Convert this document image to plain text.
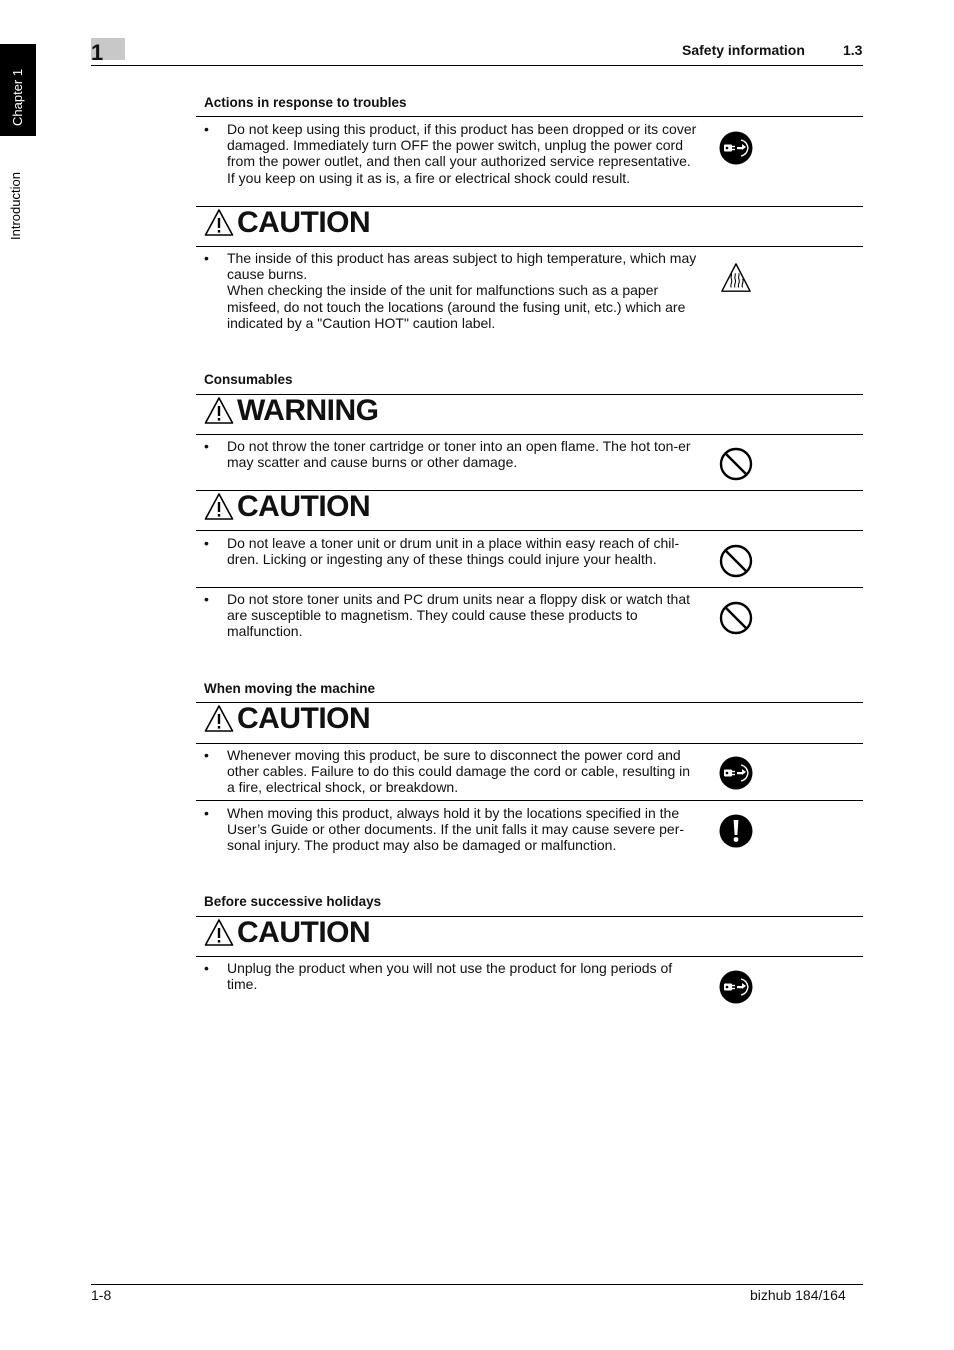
Chapter 1
Introduction
1	Safety information	1.3
Actions in response to troubles
• Do not keep using this product, if this product has been dropped or its cover damaged. Immediately turn OFF the power switch, unplug the power cord from the power outlet, and then call your authorized service representative. If you keep on using it as is, a fire or electrical shock could result.
CAUTION
• The inside of this product has areas subject to high temperature, which may cause burns.
When checking the inside of the unit for malfunctions such as a paper misfeed, do not touch the locations (around the fusing unit, etc.) which are indicated by a "Caution HOT" caution label.
Consumables
WARNING
• Do not throw the toner cartridge or toner into an open flame. The hot ton-er may scatter and cause burns or other damage.
CAUTION
• Do not leave a toner unit or drum unit in a place within easy reach of chil-dren. Licking or ingesting any of these things could injure your health.
• Do not store toner units and PC drum units near a floppy disk or watch that are susceptible to magnetism. They could cause these products to malfunction.
When moving the machine
CAUTION
• Whenever moving this product, be sure to disconnect the power cord and other cables. Failure to do this could damage the cord or cable, resulting in a fire, electrical shock, or breakdown.
• When moving this product, always hold it by the locations specified in the User’s Guide or other documents. If the unit falls it may cause severe per-sonal injury. The product may also be damaged or malfunction.
Before successive holidays
CAUTION
• Unplug the product when you will not use the product for long periods of time.
1-8	bizhub 184/164
